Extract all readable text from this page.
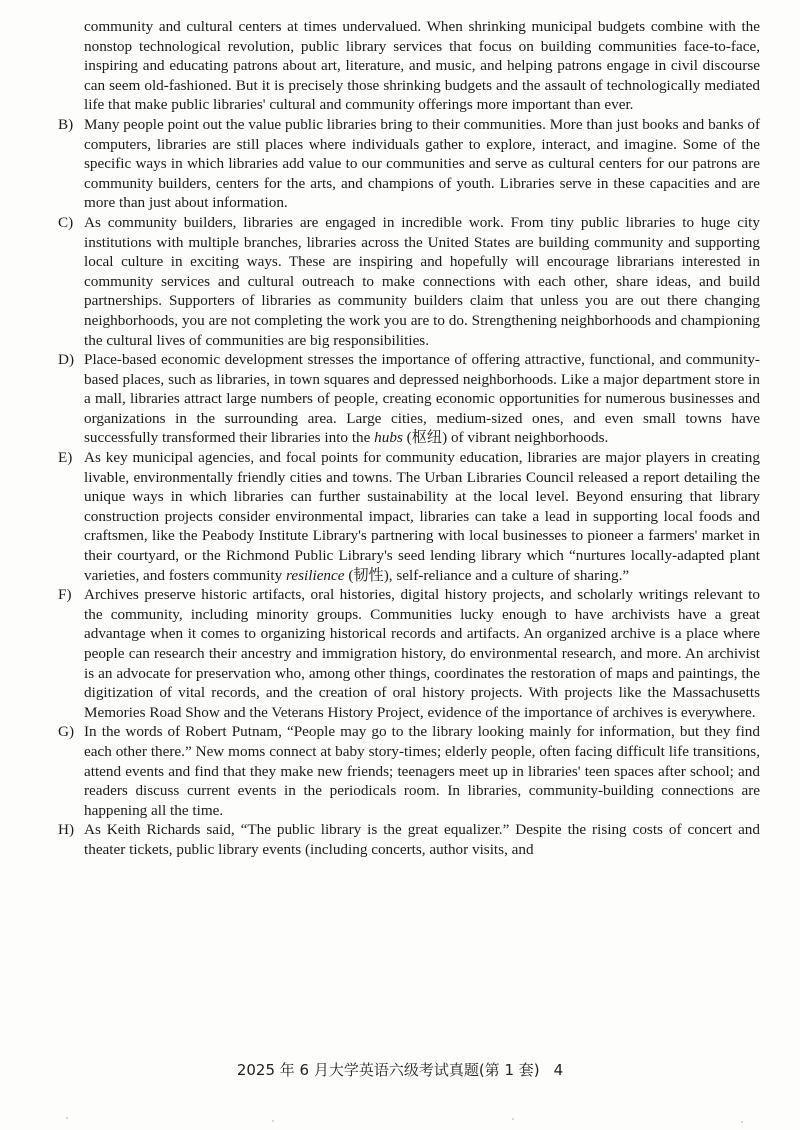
community and cultural centers at times undervalued. When shrinking municipal budgets combine with the nonstop technological revolution, public library services that focus on building communities face-to-face, inspiring and educating patrons about art, literature, and music, and helping patrons engage in civil discourse can seem old-fashioned. But it is precisely those shrinking budgets and the assault of technologically mediated life that make public libraries' cultural and community offerings more important than ever.
B) Many people point out the value public libraries bring to their communities. More than just books and banks of computers, libraries are still places where individuals gather to explore, interact, and imagine. Some of the specific ways in which libraries add value to our communities and serve as cultural centers for our patrons are community builders, centers for the arts, and champions of youth. Libraries serve in these capacities and are more than just about information.
C) As community builders, libraries are engaged in incredible work. From tiny public libraries to huge city institutions with multiple branches, libraries across the United States are building community and supporting local culture in exciting ways. These are inspiring and hopefully will encourage librarians interested in community services and cultural outreach to make connections with each other, share ideas, and build partnerships. Supporters of libraries as community builders claim that unless you are out there changing neighborhoods, you are not completing the work you are to do. Strengthening neighborhoods and championing the cultural lives of communities are big responsibilities.
D) Place-based economic development stresses the importance of offering attractive, functional, and community-based places, such as libraries, in town squares and depressed neighborhoods. Like a major department store in a mall, libraries attract large numbers of people, creating economic opportunities for numerous businesses and organizations in the surrounding area. Large cities, medium-sized ones, and even small towns have successfully transformed their libraries into the hubs (枢纽) of vibrant neighborhoods.
E) As key municipal agencies, and focal points for community education, libraries are major players in creating livable, environmentally friendly cities and towns. The Urban Libraries Council released a report detailing the unique ways in which libraries can further sustainability at the local level. Beyond ensuring that library construction projects consider environmental impact, libraries can take a lead in supporting local foods and craftsmen, like the Peabody Institute Library's partnering with local businesses to pioneer a farmers' market in their courtyard, or the Richmond Public Library's seed lending library which “nurtures locally-adapted plant varieties, and fosters community resilience (韧性), self-reliance and a culture of sharing.”
F) Archives preserve historic artifacts, oral histories, digital history projects, and scholarly writings relevant to the community, including minority groups. Communities lucky enough to have archivists have a great advantage when it comes to organizing historical records and artifacts. An organized archive is a place where people can research their ancestry and immigration history, do environmental research, and more. An archivist is an advocate for preservation who, among other things, coordinates the restoration of maps and paintings, the digitization of vital records, and the creation of oral history projects. With projects like the Massachusetts Memories Road Show and the Veterans History Project, evidence of the importance of archives is everywhere.
G) In the words of Robert Putnam, “People may go to the library looking mainly for information, but they find each other there.” New moms connect at baby story-times; elderly people, often facing difficult life transitions, attend events and find that they make new friends; teenagers meet up in libraries' teen spaces after school; and readers discuss current events in the periodicals room. In libraries, community-building connections are happening all the time.
H) As Keith Richards said, “The public library is the great equalizer.” Despite the rising costs of concert and theater tickets, public library events (including concerts, author visits, and
2025 年 6 月大学英语六级考试真题(第 1 套) 4
